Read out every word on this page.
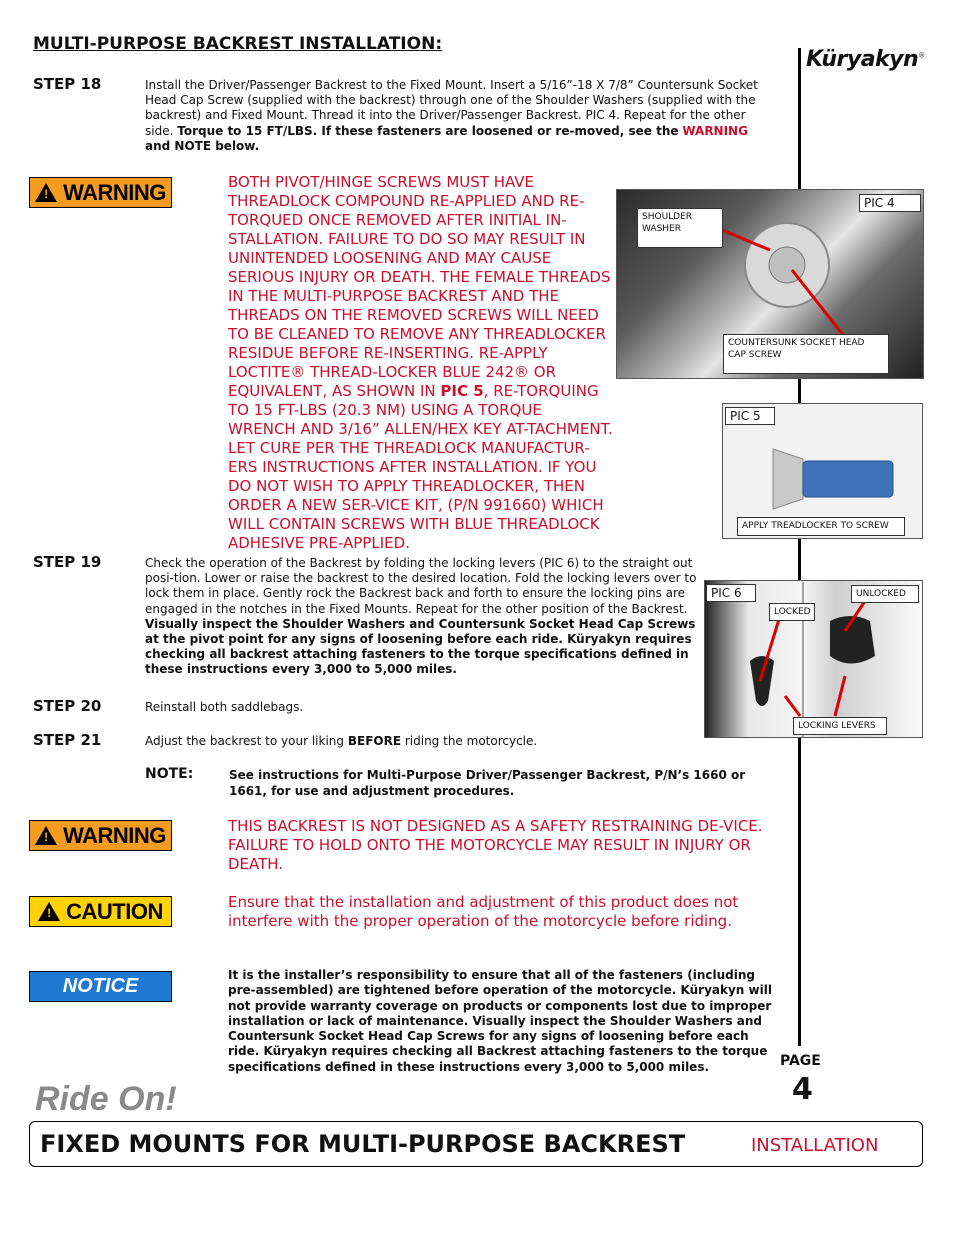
MULTI-PURPOSE BACKREST INSTALLATION:
Küryakyn®
STEP 18	Install the Driver/Passenger Backrest to the Fixed Mount. Insert a 5/16”-18 X 7/8” Countersunk Socket Head Cap Screw (supplied with the backrest) through one of the Shoulder Washers (supplied with the backrest) and Fixed Mount. Thread it into the Driver/Passenger Backrest. PIC 4. Repeat for the other side. Torque to 15 FT/LBS. If these fasteners are loosened or re-moved, see the WARNING and NOTE below.
! WARNING	BOTH PIVOT/HINGE SCREWS MUST HAVE THREADLOCK COMPOUND RE-APPLIED AND RE-TORQUED ONCE REMOVED AFTER INITIAL IN-STALLATION. FAILURE TO DO SO MAY RESULT IN UNINTENDED LOOSENING AND MAY CAUSE SERIOUS INJURY OR DEATH. THE FEMALE THREADS IN THE MULTI-PURPOSE BACKREST AND THE THREADS ON THE REMOVED SCREWS WILL NEED TO BE CLEANED TO REMOVE ANY THREADLOCKER RESIDUE BEFORE RE-INSERTING. RE-APPLY LOCTITE® THREAD-LOCKER BLUE 242® OR EQUIVALENT, AS SHOWN IN PIC 5, RE-TORQUING TO 15 FT-LBS (20.3 NM) USING A TORQUE WRENCH AND 3/16” ALLEN/HEX KEY AT-TACHMENT. LET CURE PER THE THREADLOCK MANUFACTUR-ERS INSTRUCTIONS AFTER INSTALLATION. IF YOU DO NOT WISH TO APPLY THREADLOCKER, THEN ORDER A NEW SER-VICE KIT, (P/N 991660) WHICH WILL CONTAIN SCREWS WITH BLUE THREADLOCK ADHESIVE PRE-APPLIED.
PIC 4
SHOULDER WASHER
COUNTERSUNK SOCKET HEAD CAP SCREW
PIC 5
APPLY TREADLOCKER TO SCREW
STEP 19	Check the operation of the Backrest by folding the locking levers (PIC 6) to the straight out posi-tion. Lower or raise the backrest to the desired location. Fold the locking levers over to lock them in place. Gently rock the Backrest back and forth to ensure the locking pins are engaged in the notches in the Fixed Mounts. Repeat for the other position of the Backrest. Visually inspect the Shoulder Washers and Countersunk Socket Head Cap Screws at the pivot point for any signs of loosening before each ride. Küryakyn requires checking all backrest attaching fasteners to the torque specifications defined in these instructions every 3,000 to 5,000 miles.
PIC 6
LOCKED
UNLOCKED
LOCKING LEVERS
STEP 20	Reinstall both saddlebags.
STEP 21	Adjust the backrest to your liking BEFORE riding the motorcycle.
NOTE:	See instructions for Multi-Purpose Driver/Passenger Backrest, P/N’s 1660 or 1661, for use and adjustment procedures.
! WARNING	THIS BACKREST IS NOT DESIGNED AS A SAFETY RESTRAINING DE-VICE. FAILURE TO HOLD ONTO THE MOTORCYCLE MAY RESULT IN INJURY OR DEATH.
! CAUTION	Ensure that the installation and adjustment of this product does not interfere with the proper operation of the motorcycle before riding.
NOTICE	It is the installer’s responsibility to ensure that all of the fasteners (including pre-assembled) are tightened before operation of the motorcycle. Küryakyn will not provide warranty coverage on products or components lost due to improper installation or lack of maintenance. Visually inspect the Shoulder Washers and Countersunk Socket Head Cap Screws for any signs of loosening before each ride. Küryakyn requires checking all Backrest attaching fasteners to the torque specifications defined in these instructions every 3,000 to 5,000 miles.	PAGE
4
Ride On!
FIXED MOUNTS FOR MULTI-PURPOSE BACKREST	INSTALLATION
